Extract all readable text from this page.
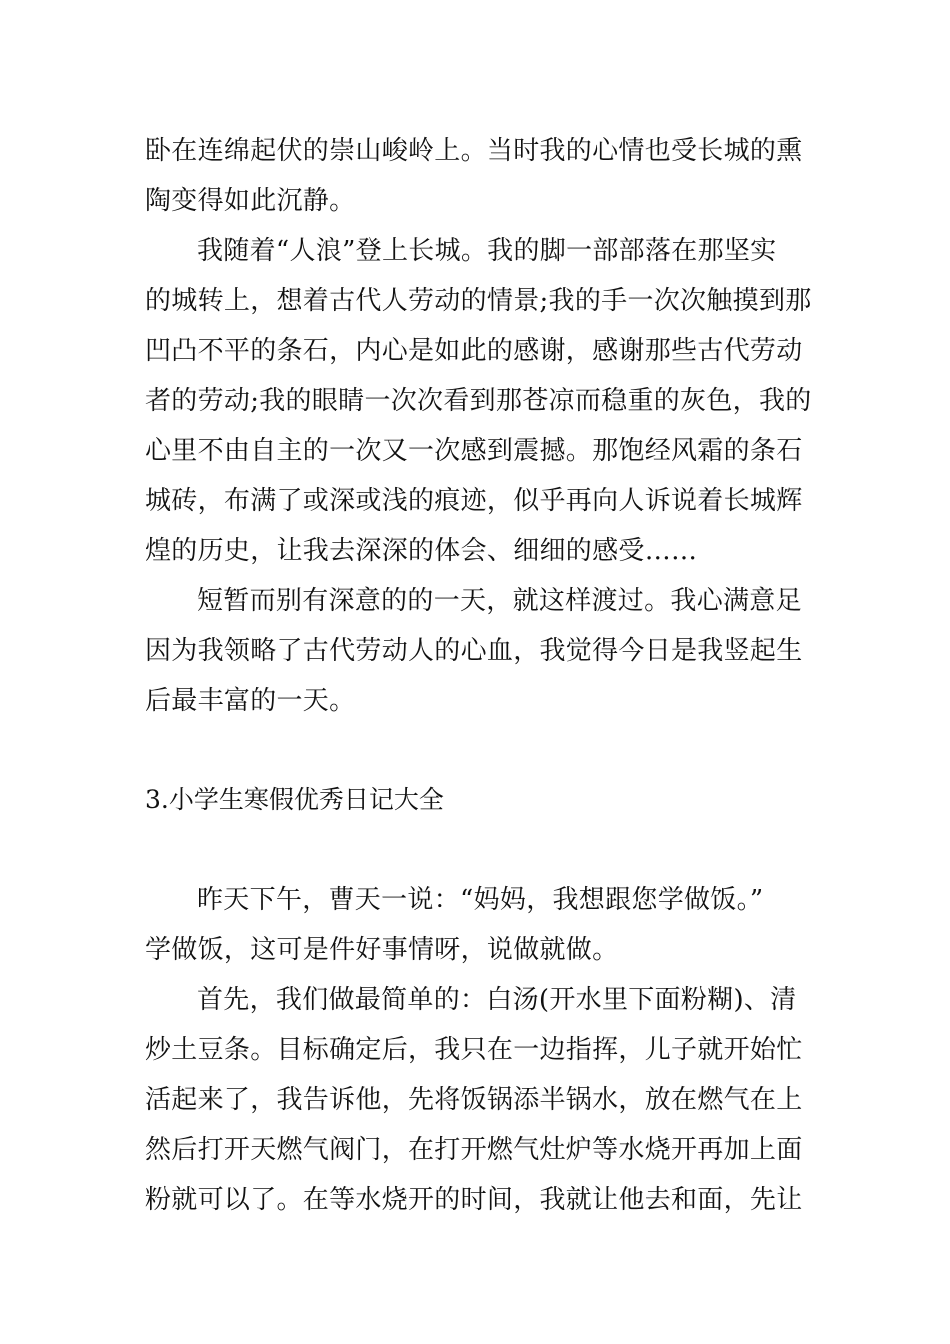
卧在连绵起伏的崇山峻岭上。当时我的心情也受长城的熏
陶变得如此沉静。
我随着“人浪”登上长城。我的脚一部部落在那坚实
的城转上，想着古代人劳动的情景;我的手一次次触摸到那
凹凸不平的条石，内心是如此的感谢，感谢那些古代劳动
者的劳动;我的眼睛一次次看到那苍凉而稳重的灰色，我的
心里不由自主的一次又一次感到震撼。那饱经风霜的条石
城砖，布满了或深或浅的痕迹，似乎再向人诉说着长城辉
煌的历史，让我去深深的体会、细细的感受……
短暂而别有深意的的一天，就这样渡过。我心满意足
因为我领略了古代劳动人的心血，我觉得今日是我竖起生
后最丰富的一天。
3.小学生寒假优秀日记大全
昨天下午，曹天一说：“妈妈，我想跟您学做饭。”
学做饭，这可是件好事情呀，说做就做。
首先，我们做最简单的：白汤(开水里下面粉糊)、清
炒土豆条。目标确定后，我只在一边指挥，儿子就开始忙
活起来了，我告诉他，先将饭锅添半锅水，放在燃气在上
然后打开天燃气阀门，在打开燃气灶炉等水烧开再加上面
粉就可以了。在等水烧开的时间，我就让他去和面，先让
